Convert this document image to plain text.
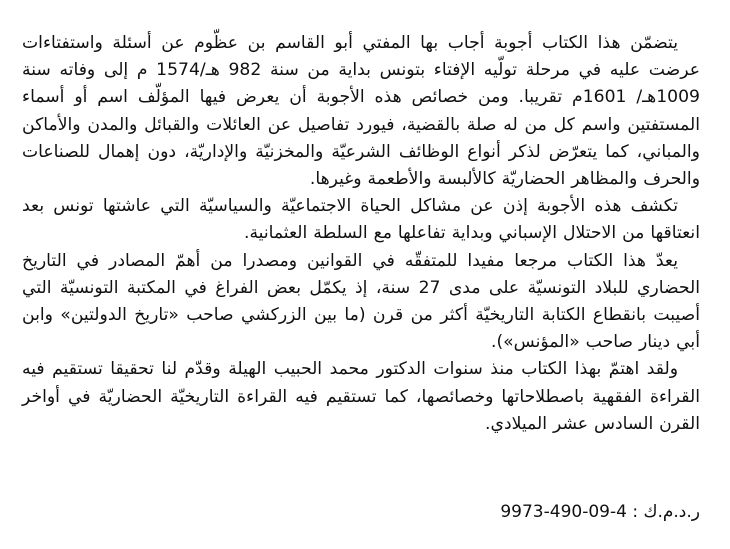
يتضمّن هذا الكتاب أجوبة أجاب بها المفتي أبو القاسم بن عظّوم عن أسئلة واستفتاءات عرضت عليه في مرحلة تولّيه الإفتاء بتونس بداية من سنة 982 هـ/1574 م إلى وفاته سنة 1009هـ/ 1601م تقريبا. ومن خصائص هذه الأجوبة أن يعرض فيها المؤلّف اسم أو أسماء المستفتين واسم كل من له صلة بالقضية، فيورد تفاصيل عن العائلات والقبائل والمدن والأماكن والمباني، كما يتعرّض لذكر أنواع الوظائف الشرعيّة والمخزنيّة والإداريّة، دون إهمال للصناعات والحرف والمظاهر الحضاريّة كالألبسة والأطعمة وغيرها.

تكشف هذه الأجوبة إذن عن مشاكل الحياة الاجتماعيّة والسياسيّة التي عاشتها تونس بعد انعتاقها من الاحتلال الإسباني وبداية تفاعلها مع السلطة العثمانية.

يعدّ هذا الكتاب مرجعا مفيدا للمتفقّه في القوانين ومصدرا من أهمّ المصادر في التاريخ الحضاري للبلاد التونسيّة على مدى 27 سنة، إذ يكمّل بعض الفراغ في المكتبة التونسيّة التي أصيبت بانقطاع الكتابة التاريخيّة أكثر من قرن (ما بين الزركشي صاحب «تاريخ الدولتين» وابن أبي دينار صاحب «المؤنس»).

ولقد اهتمّ بهذا الكتاب منذ سنوات الدكتور محمد الحبيب الهيلة وقدّم لنا تحقيقا تستقيم فيه القراءة الفقهية باصطلاحاتها وخصائصها، كما تستقيم فيه القراءة التاريخيّة الحضاريّة في أواخر القرن السادس عشر الميلادي.

ر.د.م.ك : 9973-490-09-4
